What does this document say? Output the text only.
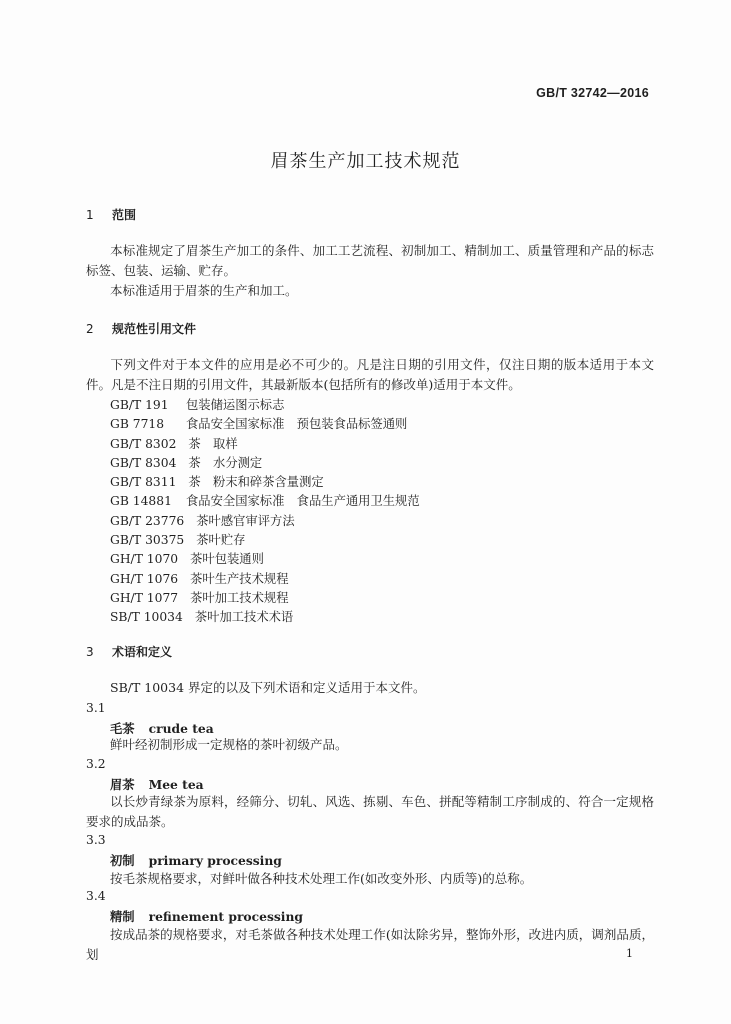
GB/T 32742—2016
眉茶生产加工技术规范
1 范围
本标准规定了眉茶生产加工的条件、加工工艺流程、初制加工、精制加工、质量管理和产品的标志标签、包装、运输、贮存。
本标准适用于眉茶的生产和加工。
2 规范性引用文件
下列文件对于本文件的应用是必不可少的。凡是注日期的引用文件，仅注日期的版本适用于本文件。凡是不注日期的引用文件，其最新版本(包括所有的修改单)适用于本文件。
GB/T 191 包装储运图示标志
GB 7718 食品安全国家标准　预包装食品标签通则
GB/T 8302 茶　取样
GB/T 8304 茶　水分测定
GB/T 8311 茶　粉末和碎茶含量测定
GB 14881 食品安全国家标准　食品生产通用卫生规范
GB/T 23776 茶叶感官审评方法
GB/T 30375 茶叶贮存
GH/T 1070 茶叶包装通则
GH/T 1076 茶叶生产技术规程
GH/T 1077 茶叶加工技术规程
SB/T 10034 茶叶加工技术术语
3 术语和定义
SB/T 10034 界定的以及下列术语和定义适用于本文件。
3.1
毛茶 crude tea
鲜叶经初制形成一定规格的茶叶初级产品。
3.2
眉茶 Mee tea
以长炒青绿茶为原料，经筛分、切轧、风选、拣剔、车色、拼配等精制工序制成的、符合一定规格要求的成品茶。
3.3
初制 primary processing
按毛茶规格要求，对鲜叶做各种技术处理工作(如改变外形、内质等)的总称。
3.4
精制 refinement processing
按成品茶的规格要求，对毛茶做各种技术处理工作(如汰除劣异，整饰外形，改进内质，调剂品质，划	1
